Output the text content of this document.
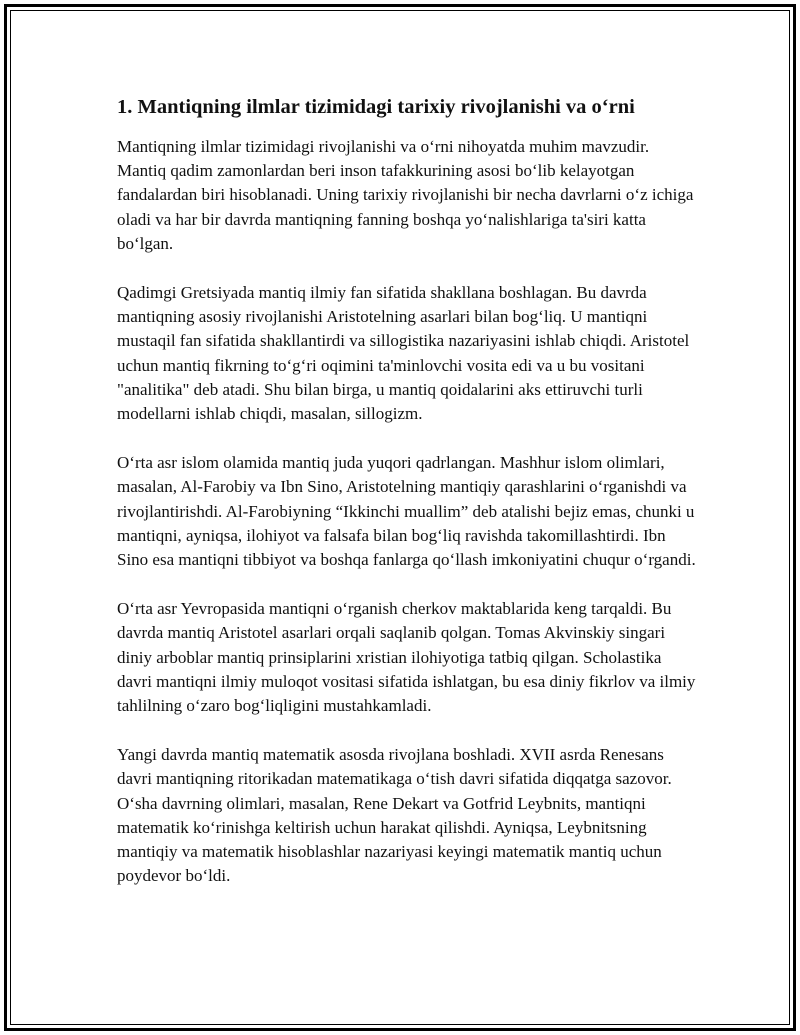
1. Mantiqning ilmlar tizimidagi tarixiy rivojlanishi va o‘rni

Mantiqning ilmlar tizimidagi rivojlanishi va o‘rni nihoyatda muhim mavzudir. Mantiq qadim zamonlardan beri inson tafakkurining asosi bo‘lib kelayotgan fandalardan biri hisoblanadi. Uning tarixiy rivojlanishi bir necha davrlarni o‘z ichiga oladi va har bir davrda mantiqning fanning boshqa yo‘nalishlariga ta'siri katta bo‘lgan.

Qadimgi Gretsiyada mantiq ilmiy fan sifatida shakllana boshlagan. Bu davrda mantiqning asosiy rivojlanishi Aristotelning asarlari bilan bog‘liq. U mantiqni mustaqil fan sifatida shakllantirdi va sillogistika nazariyasini ishlab chiqdi. Aristotel uchun mantiq fikrning to‘g‘ri oqimini ta'minlovchi vosita edi va u bu vositani "analitika" deb atadi. Shu bilan birga, u mantiq qoidalarini aks ettiruvchi turli modellarni ishlab chiqdi, masalan, sillogizm.

O‘rta asr islom olamida mantiq juda yuqori qadrlangan. Mashhur islom olimlari, masalan, Al-Farobiy va Ibn Sino, Aristotelning mantiqiy qarashlarini o‘rganishdi va rivojlantirishdi. Al-Farobiyning “Ikkinchi muallim” deb atalishi bejiz emas, chunki u mantiqni, ayniqsa, ilohiyot va falsafa bilan bog‘liq ravishda takomillashtirdi. Ibn Sino esa mantiqni tibbiyot va boshqa fanlarga qo‘llash imkoniyatini chuqur o‘rgandi.

O‘rta asr Yevropasida mantiqni o‘rganish cherkov maktablarida keng tarqaldi. Bu davrda mantiq Aristotel asarlari orqali saqlanib qolgan. Tomas Akvinskiy singari diniy arboblar mantiq prinsiplarini xristian ilohiyotiga tatbiq qilgan. Scholastika davri mantiqni ilmiy muloqot vositasi sifatida ishlatgan, bu esa diniy fikrlov va ilmiy tahlilning o‘zaro bog‘liqligini mustahkamladi.

Yangi davrda mantiq matematik asosda rivojlana boshladi. XVII asrda Renesans davri mantiqning ritorikadan matematikaga o‘tish davri sifatida diqqatga sazovor. O‘sha davrning olimlari, masalan, Rene Dekart va Gotfrid Leybnits, mantiqni matematik ko‘rinishga keltirish uchun harakat qilishdi. Ayniqsa, Leybnitsning mantiqiy va matematik hisoblashlar nazariyasi keyingi matematik mantiq uchun poydevor bo‘ldi.
